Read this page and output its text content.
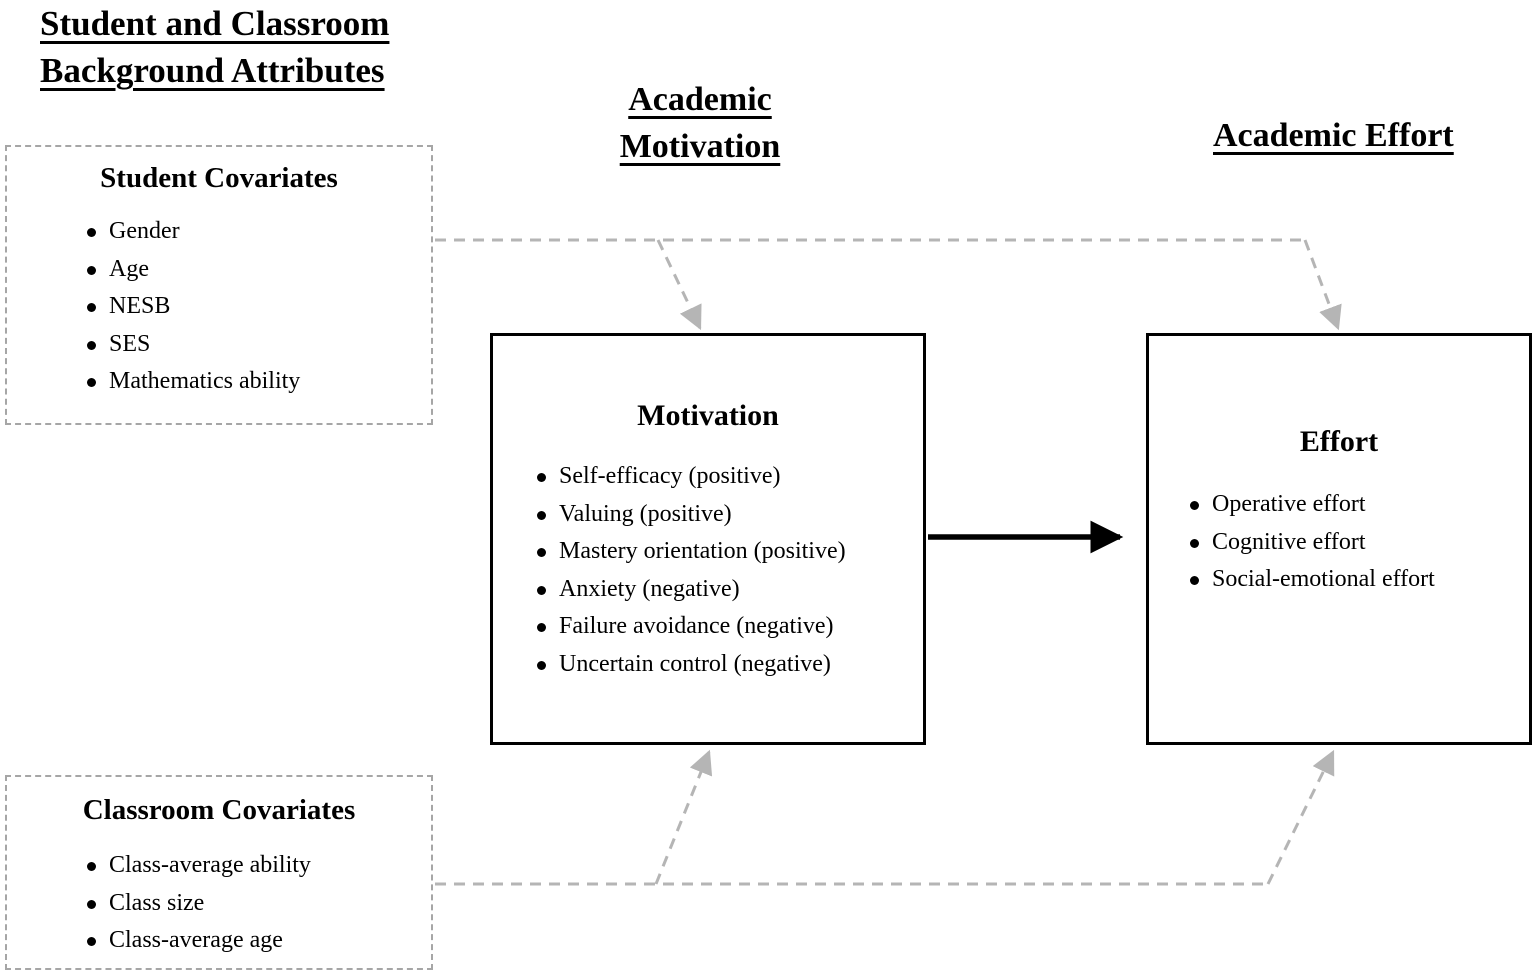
Student and Classroom
Background Attributes
Academic
Motivation	Academic Effort
Student Covariates
Gender
Age
NESB
SES
Mathematics ability
Classroom Covariates
Class-average ability
Class size
Class-average age
Motivation
Self-efficacy (positive)
Valuing (positive)
Mastery orientation (positive)
Anxiety (negative)
Failure avoidance (negative)
Uncertain control (negative)
Effort
Operative effort
Cognitive effort
Social-emotional effort
